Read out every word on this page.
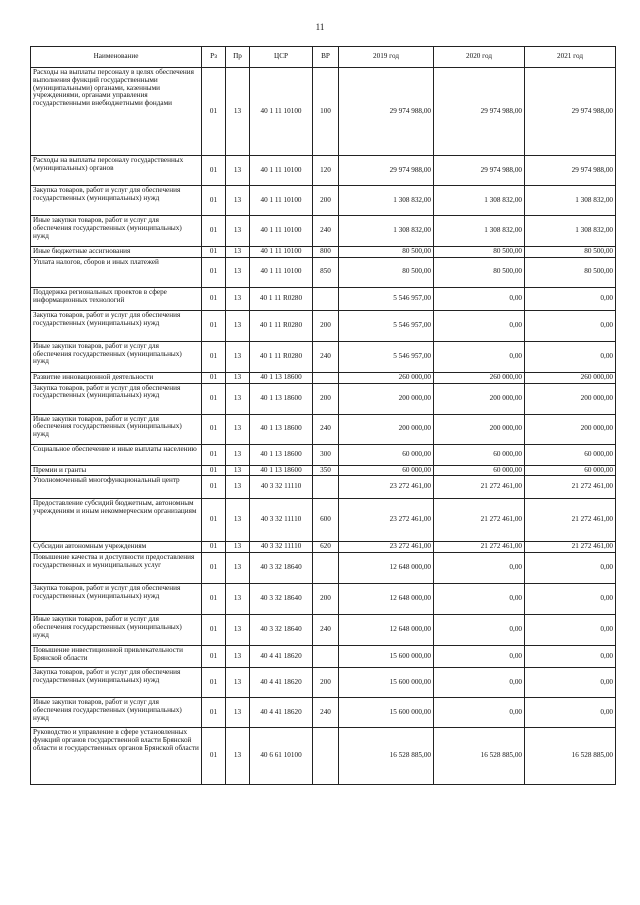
11
Наименование	Рз	Пр	ЦСР	ВР	2019 год	2020 год	2021 год
Расходы на выплаты персоналу в целях обеспечения выполнения функций государственными (муниципальными) органами, казенными учреждениями, органами управления государственными внебюджетными фондами	01	13	40 1 11 10100	100	29 974 988,00	29 974 988,00	29 974 988,00
Расходы на выплаты персоналу государственных (муниципальных) органов	01	13	40 1 11 10100	120	29 974 988,00	29 974 988,00	29 974 988,00
Закупка товаров, работ и услуг для обеспечения государственных (муниципальных) нужд	01	13	40 1 11 10100	200	1 308 832,00	1 308 832,00	1 308 832,00
Иные закупки товаров, работ и услуг для обеспечения государственных (муниципальных) нужд	01	13	40 1 11 10100	240	1 308 832,00	1 308 832,00	1 308 832,00
Иные бюджетные ассигнования	01	13	40 1 11 10100	800	80 500,00	80 500,00	80 500,00
Уплата налогов, сборов и иных платежей	01	13	40 1 11 10100	850	80 500,00	80 500,00	80 500,00
Поддержка региональных проектов в сфере информационных технологий	01	13	40 1 11 R0280		5 546 957,00	0,00	0,00
Закупка товаров, работ и услуг для обеспечения государственных (муниципальных) нужд	01	13	40 1 11 R0280	200	5 546 957,00	0,00	0,00
Иные закупки товаров, работ и услуг для обеспечения государственных (муниципальных) нужд	01	13	40 1 11 R0280	240	5 546 957,00	0,00	0,00
Развитие инновационной деятельности	01	13	40 1 13 18600		260 000,00	260 000,00	260 000,00
Закупка товаров, работ и услуг для обеспечения государственных (муниципальных) нужд	01	13	40 1 13 18600	200	200 000,00	200 000,00	200 000,00
Иные закупки товаров, работ и услуг для обеспечения государственных (муниципальных) нужд	01	13	40 1 13 18600	240	200 000,00	200 000,00	200 000,00
Социальное обеспечение и иные выплаты населению	01	13	40 1 13 18600	300	60 000,00	60 000,00	60 000,00
Премии и гранты	01	13	40 1 13 18600	350	60 000,00	60 000,00	60 000,00
Уполномоченный многофункциональный центр	01	13	40 3 32 11110		23 272 461,00	21 272 461,00	21 272 461,00
Предоставление субсидий бюджетным, автономным учреждениям и иным некоммерческим организациям	01	13	40 3 32 11110	600	23 272 461,00	21 272 461,00	21 272 461,00
Субсидии автономным учреждениям	01	13	40 3 32 11110	620	23 272 461,00	21 272 461,00	21 272 461,00
Повышение качества и доступности предоставления государственных и муниципальных услуг	01	13	40 3 32 18640		12 648 000,00	0,00	0,00
Закупка товаров, работ и услуг для обеспечения государственных (муниципальных) нужд	01	13	40 3 32 18640	200	12 648 000,00	0,00	0,00
Иные закупки товаров, работ и услуг для обеспечения государственных (муниципальных) нужд	01	13	40 3 32 18640	240	12 648 000,00	0,00	0,00
Повышение инвестиционной привлекательности Брянской области	01	13	40 4 41 18620		15 600 000,00	0,00	0,00
Закупка товаров, работ и услуг для обеспечения государственных (муниципальных) нужд	01	13	40 4 41 18620	200	15 600 000,00	0,00	0,00
Иные закупки товаров, работ и услуг для обеспечения государственных (муниципальных) нужд	01	13	40 4 41 18620	240	15 600 000,00	0,00	0,00
Руководство и управление в сфере установленных функций органов государственной власти Брянской области и государственных органов Брянской области	01	13	40 6 61 10100		16 528 885,00	16 528 885,00	16 528 885,00
